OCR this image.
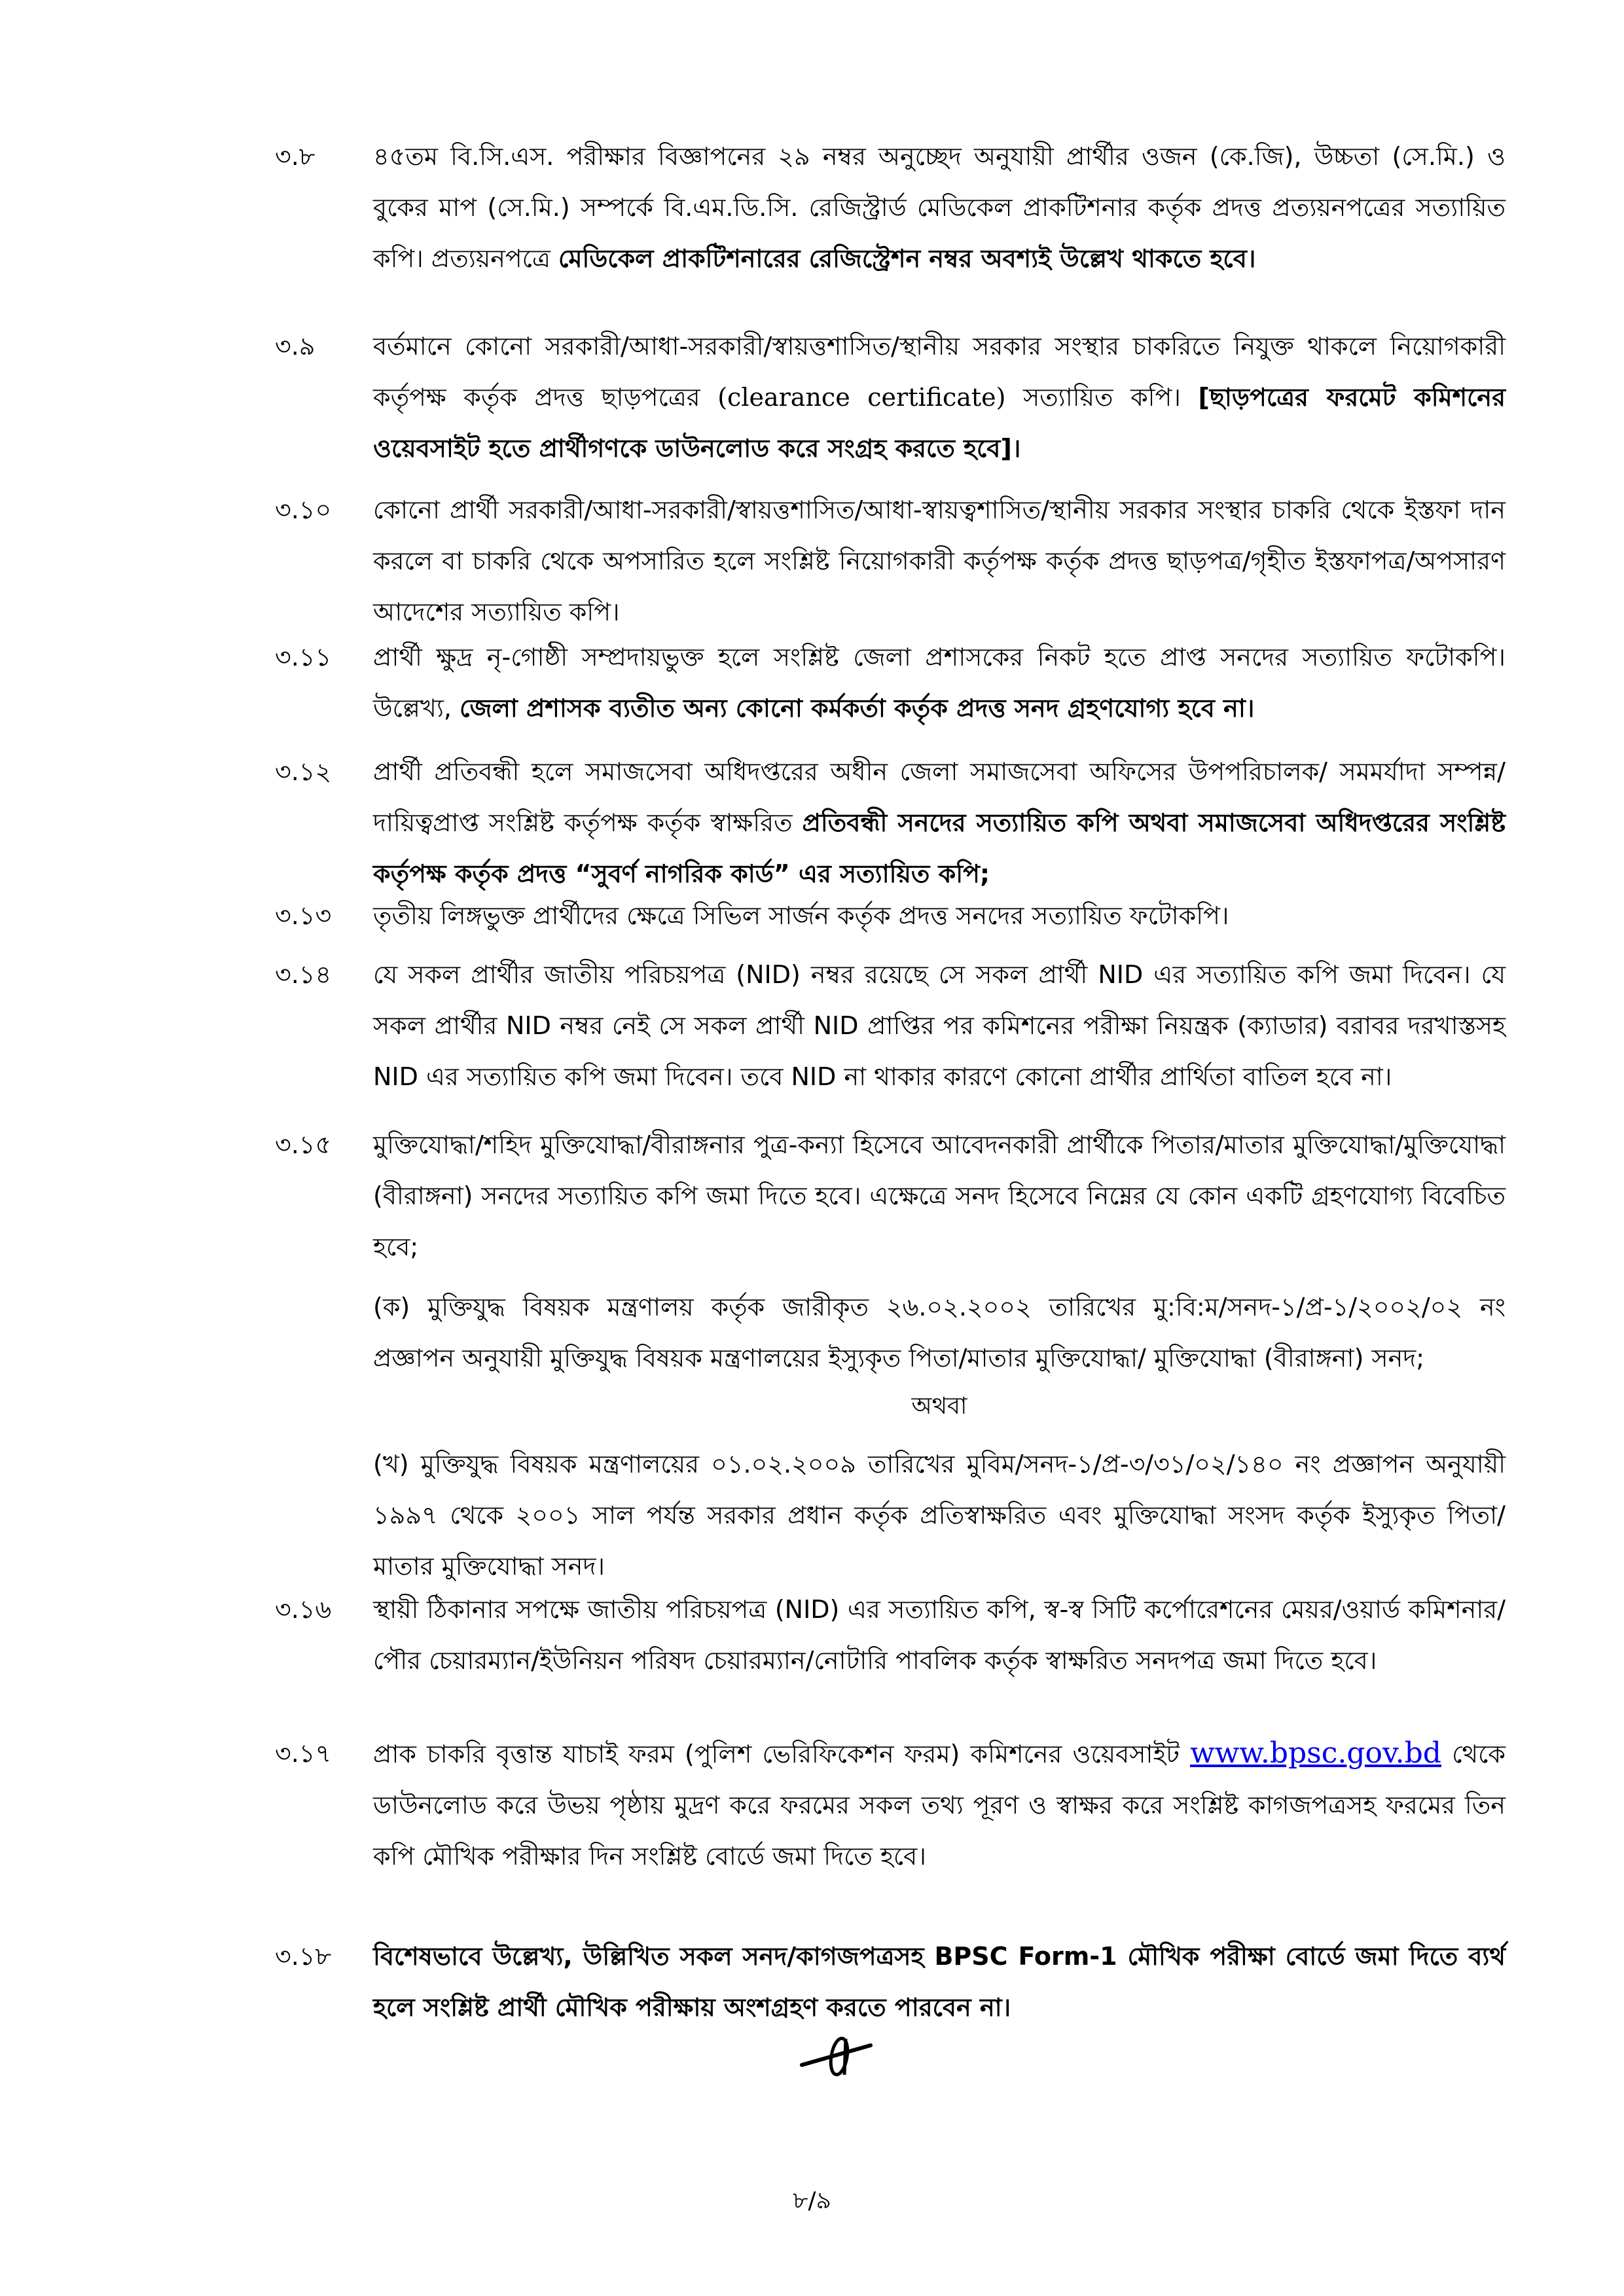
৩.৮	৪৫তম বি.সি.এস. পরীক্ষার বিজ্ঞাপনের ২৯ নম্বর অনুচ্ছেদ অনুযায়ী প্রার্থীর ওজন (কে.জি), উচ্চতা (সে.মি.) ও বুকের মাপ (সে.মি.) সম্পর্কে বি.এম.ডি.সি. রেজিস্ট্রার্ড মেডিকেল প্রাকটিশনার কর্তৃক প্রদত্ত প্রত্যয়নপত্রের সত্যায়িত কপি। প্রত্যয়নপত্রে মেডিকেল প্রাকটিশনারের রেজিস্ট্রেশন নম্বর অবশ্যই উল্লেখ থাকতে হবে।
৩.৯	বর্তমানে কোনো সরকারী/আধা-সরকারী/স্বায়ত্তশাসিত/স্থানীয় সরকার সংস্থার চাকরিতে নিযুক্ত থাকলে নিয়োগকারী কর্তৃপক্ষ কর্তৃক প্রদত্ত ছাড়পত্রের (clearance certificate) সত্যায়িত কপি। [ছাড়পত্রের ফরমেট কমিশনের ওয়েবসাইট হতে প্রার্থীগণকে ডাউনলোড করে সংগ্রহ করতে হবে]।
৩.১০	কোনো প্রার্থী সরকারী/আধা-সরকারী/স্বায়ত্তশাসিত/আধা-স্বায়ত্বশাসিত/স্থানীয় সরকার সংস্থার চাকরি থেকে ইস্তফা দান করলে বা চাকরি থেকে অপসারিত হলে সংশ্লিষ্ট নিয়োগকারী কর্তৃপক্ষ কর্তৃক প্রদত্ত ছাড়পত্র/গৃহীত ইস্তফাপত্র/অপসারণ আদেশের সত্যায়িত কপি।
৩.১১	প্রার্থী ক্ষুদ্র নৃ-গোষ্ঠী সম্প্রদায়ভুক্ত হলে সংশ্লিষ্ট জেলা প্রশাসকের নিকট হতে প্রাপ্ত সনদের সত্যায়িত ফটোকপি। উল্লেখ্য, জেলা প্রশাসক ব্যতীত অন্য কোনো কর্মকর্তা কর্তৃক প্রদত্ত সনদ গ্রহণযোগ্য হবে না।
৩.১২	প্রার্থী প্রতিবন্ধী হলে সমাজসেবা অধিদপ্তরের অধীন জেলা সমাজসেবা অফিসের উপপরিচালক/ সমমর্যাদা সম্পন্ন/দায়িত্বপ্রাপ্ত সংশ্লিষ্ট কর্তৃপক্ষ কর্তৃক স্বাক্ষরিত প্রতিবন্ধী সনদের সত্যায়িত কপি অথবা সমাজসেবা অধিদপ্তরের সংশ্লিষ্ট কর্তৃপক্ষ কর্তৃক প্রদত্ত “সুবর্ণ নাগরিক কার্ড” এর সত্যায়িত কপি;
৩.১৩	তৃতীয় লিঙ্গভুক্ত প্রার্থীদের ক্ষেত্রে সিভিল সার্জন কর্তৃক প্রদত্ত সনদের সত্যায়িত ফটোকপি।
৩.১৪	যে সকল প্রার্থীর জাতীয় পরিচয়পত্র (NID) নম্বর রয়েছে সে সকল প্রার্থী NID এর সত্যায়িত কপি জমা দিবেন। যে সকল প্রার্থীর NID নম্বর নেই সে সকল প্রার্থী NID প্রাপ্তির পর কমিশনের পরীক্ষা নিয়ন্ত্রক (ক্যাডার) বরাবর দরখাস্তসহ NID এর সত্যায়িত কপি জমা দিবেন। তবে NID না থাকার কারণে কোনো প্রার্থীর প্রার্থিতা বাতিল হবে না।
৩.১৫	মুক্তিযোদ্ধা/শহিদ মুক্তিযোদ্ধা/বীরাঙ্গনার পুত্র-কন্যা হিসেবে আবেদনকারী প্রার্থীকে পিতার/মাতার মুক্তিযোদ্ধা/মুক্তিযোদ্ধা (বীরাঙ্গনা) সনদের সত্যায়িত কপি জমা দিতে হবে। এক্ষেত্রে সনদ হিসেবে নিম্নের যে কোন একটি গ্রহণযোগ্য বিবেচিত হবে;
(ক) মুক্তিযুদ্ধ বিষয়ক মন্ত্রণালয় কর্তৃক জারীকৃত ২৬.০২.২০০২ তারিখের মু:বি:ম/সনদ-১/প্র-১/২০০২/০২ নং প্রজ্ঞাপন অনুযায়ী মুক্তিযুদ্ধ বিষয়ক মন্ত্রণালয়ের ইস্যুকৃত পিতা/মাতার মুক্তিযোদ্ধা/ মুক্তিযোদ্ধা (বীরাঙ্গনা) সনদ;
অথবা
(খ) মুক্তিযুদ্ধ বিষয়ক মন্ত্রণালয়ের ০১.০২.২০০৯ তারিখের মুবিম/সনদ-১/প্র-৩/৩১/০২/১৪০ নং প্রজ্ঞাপন অনুযায়ী ১৯৯৭ থেকে ২০০১ সাল পর্যন্ত সরকার প্রধান কর্তৃক প্রতিস্বাক্ষরিত এবং মুক্তিযোদ্ধা সংসদ কর্তৃক ইস্যুকৃত পিতা/মাতার মুক্তিযোদ্ধা সনদ।
৩.১৬	স্থায়ী ঠিকানার সপক্ষে জাতীয় পরিচয়পত্র (NID) এর সত্যায়িত কপি, স্ব-স্ব সিটি কর্পোরেশনের মেয়র/ওয়ার্ড কমিশনার/পৌর চেয়ারম্যান/ইউনিয়ন পরিষদ চেয়ারম্যান/নোটারি পাবলিক কর্তৃক স্বাক্ষরিত সনদপত্র জমা দিতে হবে।
৩.১৭	প্রাক চাকরি বৃত্তান্ত যাচাই ফরম (পুলিশ ভেরিফিকেশন ফরম) কমিশনের ওয়েবসাইট www.bpsc.gov.bd থেকে ডাউনলোড করে উভয় পৃষ্ঠায় মুদ্রণ করে ফরমের সকল তথ্য পূরণ ও স্বাক্ষর করে সংশ্লিষ্ট কাগজপত্রসহ ফরমের তিন কপি মৌখিক পরীক্ষার দিন সংশ্লিষ্ট বোর্ডে জমা দিতে হবে।
৩.১৮	বিশেষভাবে উল্লেখ্য, উল্লিখিত সকল সনদ/কাগজপত্রসহ BPSC Form-1 মৌখিক পরীক্ষা বোর্ডে জমা দিতে ব্যর্থ হলে সংশ্লিষ্ট প্রার্থী মৌখিক পরীক্ষায় অংশগ্রহণ করতে পারবেন না।
৮/৯
